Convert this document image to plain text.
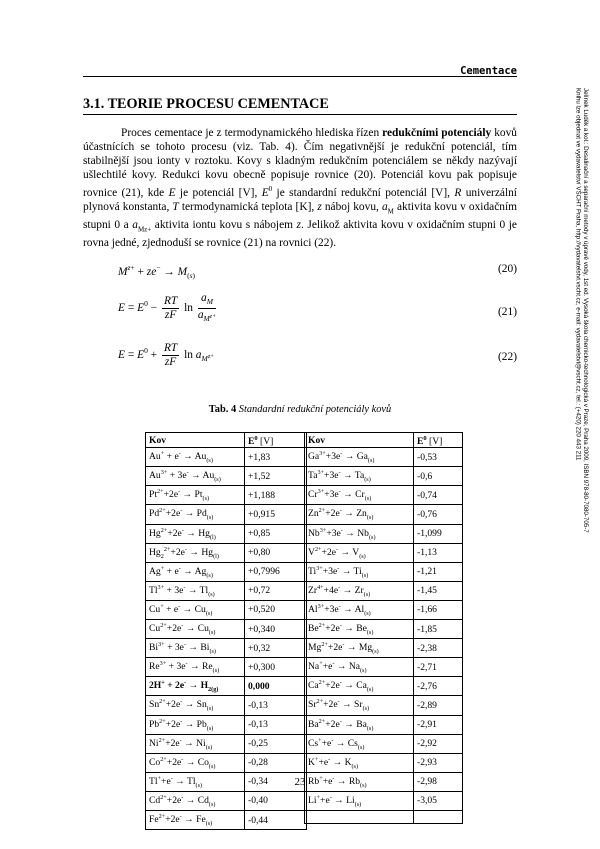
Cementace
Jelínek Luděk a kol.: Desalinační a separační metody v úpravě vody, 1st ed. Vysoká škola chemicko-technologická v Praze, Praha 2009, ISBN 978-80-7080-705-7
Knihu lze objednat ve vydavatelství VŠCHT Praha, http://vydavatelstvi.vscht.cz, e-mail: vydavatelstvi@vscht.cz, tel.: (+420) 220 443 211
3.1. TEORIE PROCESU CEMENTACE

Proces cementace je z termodynamického hlediska řízen redukčními potenciály kovů účastnících se tohoto procesu (viz. Tab. 4). Čím negativnější je redukční potenciál, tím stabilnější jsou ionty v roztoku. Kovy s kladným redukčním potenciálem se někdy nazývají ušlechtilé kovy. Redukci kovu obecně popisuje rovnice (20). Potenciál kovu pak popisuje rovnice (21), kde E je potenciál [V], $E^0$ je standardní redukční potenciál [V], R univerzální plynová konstanta, T termodynamická teplota [K], z náboj kovu, $a_M$ aktivita kovu v oxidačním stupni 0 a $a_{Mz+}$ aktivita iontu kovu s nábojem z. Jelikož aktivita kovu v oxidačním stupni 0 je rovna jedné, zjednoduší se rovnice (21) na rovnici (22).

$M^{z+} + ze^- \to M_{(s)}$
(20)
$E = E^0 - \frac{RT}{zF}$ $\ln \frac{a_M}{a_{M^{z+}}}$	(21)
$E = E^0 + \frac{RT}{zF}$ $\ln a_{M^{z+}}$	(22)
Tab. 4 Standardní redukční potenciály kovů
Kov	$E^0$ [V]
$Au^+ + e^- \to Au_{(s)}$	+1,83
$Au^{3+} + 3e^- \to Au_{(s)}$	+1,52
$Pt^{2+}+2e^- \to Pt_{(s)}$	+1,188
$Pd^{2+}+2e^- \to Pd_{(s)}$	+0,915
$Hg^{2+}+2e^- \to Hg_{(l)}$	+0,85
$Hg_2^{2+}+2e^- \to Hg_{(l)}$	+0,80
$Ag^+ + e^- \to Ag_{(s)}$	+0,7996
$Tl^{3+} + 3e^- \to Tl_{(s)}$	+0,72
$Cu^+ + e^- \to Cu_{(s)}$	+0,520
$Cu^{2+}+2e^- \to Cu_{(s)}$	+0,340
$Bi^{3+} + 3e^- \to Bi_{(s)}$	+0,32
$Re^{3+} + 3e^- \to Re_{(s)}$	+0,300
$2H^+ + 2e^- \to H_{2(g)}$	0,000
$Sn^{2+}+2e^- \to Sn_{(s)}$	-0,13
$Pb^{2+}+2e^- \to Pb_{(s)}$	-0,13
$Ni^{2+}+2e^- \to Ni_{(s)}$	-0,25
$Co^{2+}+2e^- \to Co_{(s)}$	-0,28
$Tl^++e^- \to Tl_{(s)}$	-0,34
$Cd^{2+}+2e^- \to Cd_{(s)}$	-0,40
$Fe^{2+}+2e^- \to Fe_{(s)}$	-0,44
Kov	$E^0$ [V]
$Ga^{3+}+3e^- \to Ga_{(s)}$	-0,53
$Ta^{3+}+3e^- \to Ta_{(s)}$	-0,6
$Cr^{3+}+3e^- \to Cr_{(s)}$	-0,74
$Zn^{2+}+2e^- \to Zn_{(s)}$	-0,76
$Nb^{3+}+3e^- \to Nb_{(s)}$	-1,099
$V^{2+}+2e^- \to V_{(s)}$	-1,13
$Ti^{3+}+3e^- \to Ti_{(s)}$	-1,21
$Zr^{4+}+4e^- \to Zr_{(s)}$	-1,45
$Al^{3+}+3e^- \to Al_{(s)}$	-1,66
$Be^{2+}+2e^- \to Be_{(s)}$	-1,85
$Mg^{2+}+2e^- \to Mg_{(s)}$	-2,38
$Na^++e^- \to Na_{(s)}$	-2,71
$Ca^{2+}+2e^- \to Ca_{(s)}$	-2,76
$Sr^{2+}+2e^- \to Sr_{(s)}$	-2,89
$Ba^{2+}+2e^- \to Ba_{(s)}$	-2,91
$Cs^++e^- \to Cs_{(s)}$	-2,92
$K^++e^- \to K_{(s)}$	-2,93
$Rb^++e^- \to Rb_{(s)}$	-2,98
$Li^++e^- \to Li_{(s)}$	-3,05

23
